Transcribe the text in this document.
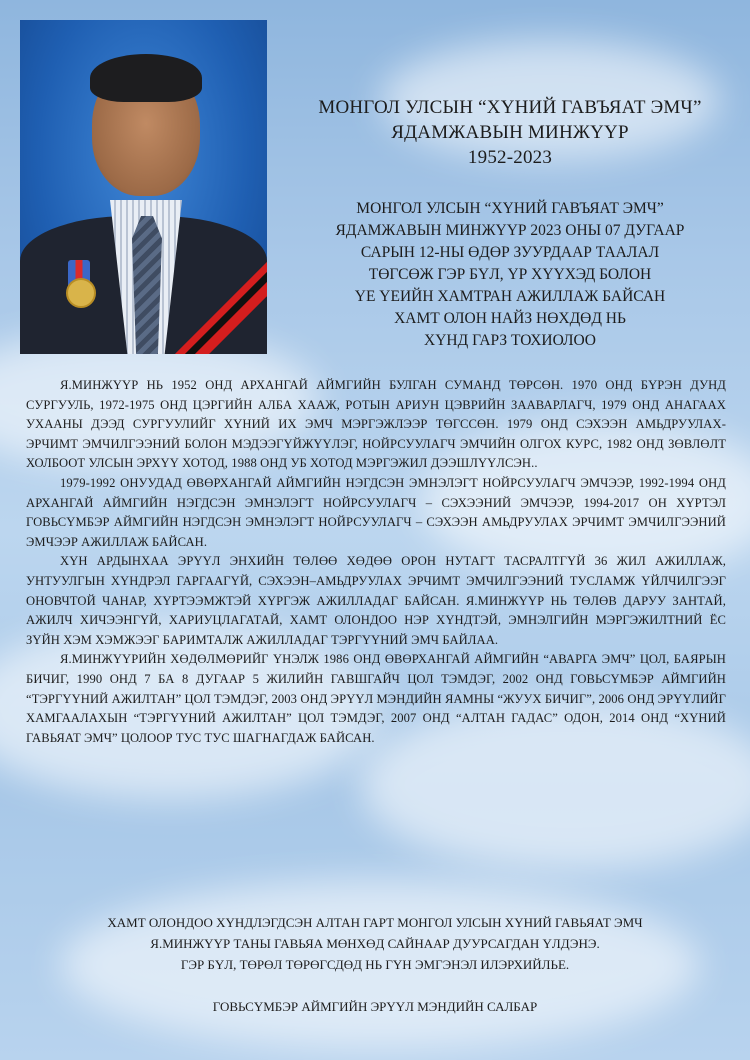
МОНГОЛ УЛСЫН “ХҮНИЙ ГАВЪЯАТ ЭМЧ”
ЯДАМЖАВЫН МИНЖҮҮР
1952-2023
МОНГОЛ УЛСЫН “ХҮНИЙ ГАВЪЯАТ ЭМЧ”
ЯДАМЖАВЫН МИНЖҮҮР 2023 ОНЫ 07 ДУГААР
САРЫН 12-НЫ ӨДӨР ЗУУРДААР ТААЛАЛ
ТӨГСӨЖ ГЭР БҮЛ, ҮР ХҮҮХЭД БОЛОН
ҮЕ ҮЕИЙН ХАМТРАН АЖИЛЛАЖ БАЙСАН
ХАМТ ОЛОН НАЙЗ НӨХДӨД НЬ
ХҮНД ГАРЗ ТОХИОЛОО

Я.МИНЖҮҮР НЬ 1952 ОНД АРХАНГАЙ АЙМГИЙН БУЛГАН СУМАНД ТӨРСӨН. 1970 ОНД БҮРЭН ДУНД СУРГУУЛЬ, 1972-1975 ОНД ЦЭРГИЙН АЛБА ХААЖ, РОТЫН АРИУН ЦЭВРИЙН ЗААВАРЛАГЧ, 1979 ОНД АНАГААХ УХААНЫ ДЭЭД СУРГУУЛИЙГ ХҮНИЙ ИХ ЭМЧ МЭРГЭЖЛЭЭР ТӨГССӨН. 1979 ОНД СЭХЭЭН АМЬДРУУЛАХ- ЭРЧИМТ ЭМЧИЛГЭЭНИЙ БОЛОН МЭДЭЭГҮЙЖҮҮЛЭГ, НОЙРСУУЛАГЧ ЭМЧИЙН ОЛГОХ КУРС, 1982 ОНД ЗӨВЛӨЛТ ХОЛБООТ УЛСЫН ЭРХҮҮ ХОТОД, 1988 ОНД УБ ХОТОД МЭРГЭЖИЛ ДЭЭШЛҮҮЛСЭН..

1979-1992 ОНУУДАД ӨВӨРХАНГАЙ АЙМГИЙН НЭГДСЭН ЭМНЭЛЭГТ НОЙРСУУЛАГЧ ЭМЧЭЭР, 1992-1994 ОНД АРХАНГАЙ АЙМГИЙН НЭГДСЭН ЭМНЭЛЭГТ НОЙРСУУЛАГЧ – СЭХЭЭНИЙ ЭМЧЭЭР, 1994-2017 ОН ХҮРТЭЛ ГОВЬСҮМБЭР АЙМГИЙН НЭГДСЭН ЭМНЭЛЭГТ НОЙРСУУЛАГЧ – СЭХЭЭН АМЬДРУУЛАХ ЭРЧИМТ ЭМЧИЛГЭЭНИЙ ЭМЧЭЭР АЖИЛЛАЖ БАЙСАН.

ХҮН АРДЫНХАА ЭРҮҮЛ ЭНХИЙН ТӨЛӨӨ ХӨДӨӨ ОРОН НУТАГТ ТАСРАЛТГҮЙ 36 ЖИЛ АЖИЛЛАЖ, УНТУУЛГЫН ХҮНДРЭЛ ГАРГААГҮЙ, СЭХЭЭН–АМЬДРУУЛАХ ЭРЧИМТ ЭМЧИЛГЭЭНИЙ ТУСЛАМЖ ҮЙЛЧИЛГЭЭГ ОНОВЧТОЙ ЧАНАР, ХҮРТЭЭМЖТЭЙ ХҮРГЭЖ АЖИЛЛАДАГ БАЙСАН. Я.МИНЖҮҮР НЬ ТӨЛӨВ ДАРУУ ЗАНТАЙ, АЖИЛЧ ХИЧЭЭНГҮЙ, ХАРИУЦЛАГАТАЙ, ХАМТ ОЛОНДОО НЭР ХҮНДТЭЙ, ЭМНЭЛГИЙН МЭРГЭЖИЛТНИЙ ЁС ЗҮЙН ХЭМ ХЭМЖЭЭГ БАРИМТАЛЖ АЖИЛЛАДАГ ТЭРГҮҮНИЙ ЭМЧ БАЙЛАА.

Я.МИНЖҮҮРИЙН ХӨДӨЛМӨРИЙГ ҮНЭЛЖ 1986 ОНД ӨВӨРХАНГАЙ АЙМГИЙН “АВАРГА ЭМЧ” ЦОЛ, БАЯРЫН БИЧИГ, 1990 ОНД 7 БА 8 ДУГААР 5 ЖИЛИЙН ГАВШГАЙЧ ЦОЛ ТЭМДЭГ, 2002 ОНД ГОВЬСҮМБЭР АЙМГИЙН “ТЭРГҮҮНИЙ АЖИЛТАН” ЦОЛ ТЭМДЭГ, 2003 ОНД ЭРҮҮЛ МЭНДИЙН ЯАМНЫ “ЖУУХ БИЧИГ”, 2006 ОНД ЭРҮҮЛИЙГ ХАМГААЛАХЫН “ТЭРГҮҮНИЙ АЖИЛТАН” ЦОЛ ТЭМДЭГ, 2007 ОНД “АЛТАН ГАДАС” ОДОН, 2014 ОНД “ХҮНИЙ ГАВЬЯАТ ЭМЧ” ЦОЛООР ТУС ТУС ШАГНАГДАЖ БАЙСАН.

ХАМТ ОЛОНДОО ХҮНДЛЭГДСЭН АЛТАН ГАРТ МОНГОЛ УЛСЫН ХҮНИЙ ГАВЬЯАТ ЭМЧ
Я.МИНЖҮҮР ТАНЫ ГАВЬЯА МӨНХӨД САЙНААР ДУУРСАГДАН ҮЛДЭНЭ.
ГЭР БҮЛ, ТӨРӨЛ ТӨРӨГСДӨД НЬ ГҮН ЭМГЭНЭЛ ИЛЭРХИЙЛЬЕ.
ГОВЬСҮМБЭР АЙМГИЙН ЭРҮҮЛ МЭНДИЙН САЛБАР
